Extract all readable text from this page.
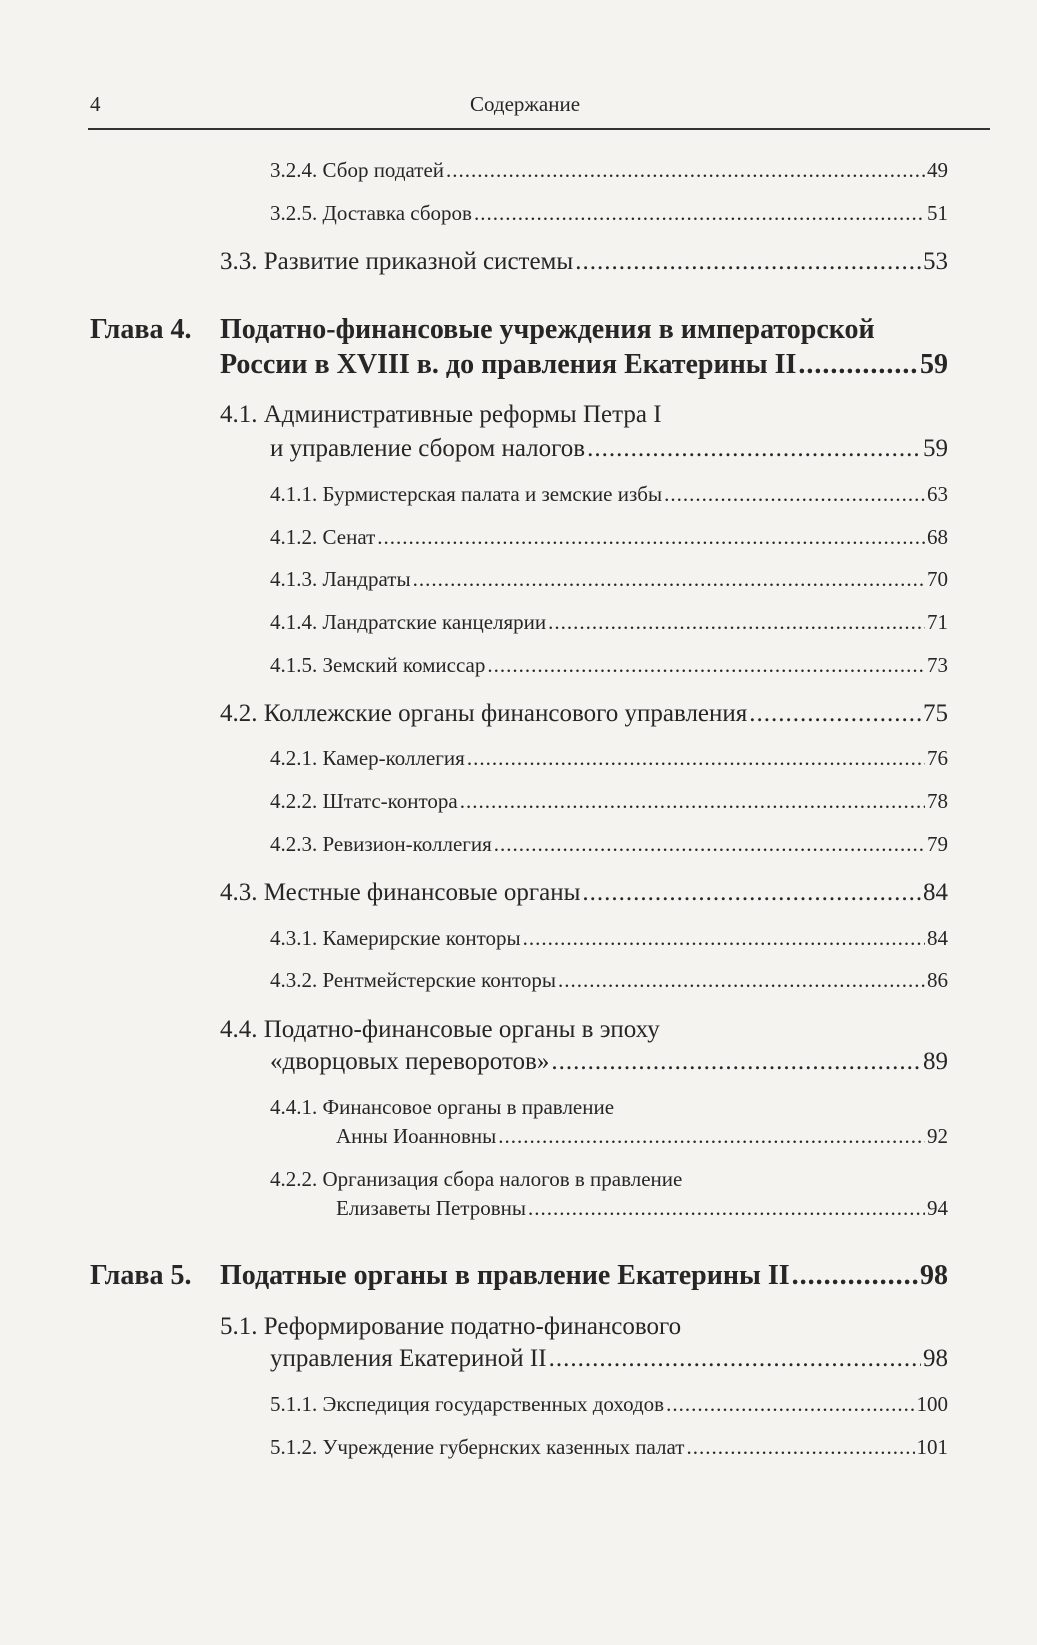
4	Содержание
3.2.4. Сбор податей .....	49
3.2.5. Доставка сборов .....	51
3.3. Развитие приказной системы .....	53
Глава 4. Податно-финансовые учреждения в императорской
России в XVIII в. до правления Екатерины II .....	59
4.1. Административные реформы Петра I
и управление сбором налогов .....	59
4.1.1. Бурмистерская палата и земские избы .....	63
4.1.2. Сенат .....	68
4.1.3. Ландраты .....	70
4.1.4. Ландратские канцелярии .....	71
4.1.5. Земский комиссар .....	73
4.2. Коллежские органы финансового управления .....	75
4.2.1. Камер-коллегия .....	76
4.2.2. Штатс-контора .....	78
4.2.3. Ревизион-коллегия .....	79
4.3. Местные финансовые органы .....	84
4.3.1. Камерирские конторы .....	84
4.3.2. Рентмейстерские конторы .....	86
4.4. Податно-финансовые органы в эпоху
«дворцовых переворотов» .....	89
4.4.1. Финансовое органы в правление
Анны Иоанновны .....	92
4.2.2. Организация сбора налогов в правление
Елизаветы Петровны .....	94
Глава 5. Податные органы в правление Екатерины II .....	98
5.1. Реформирование податно-финансового
управления Екатериной II .....	98
5.1.1. Экспедиция государственных доходов .....	100
5.1.2. Учреждение губернских казенных палат .....	101
